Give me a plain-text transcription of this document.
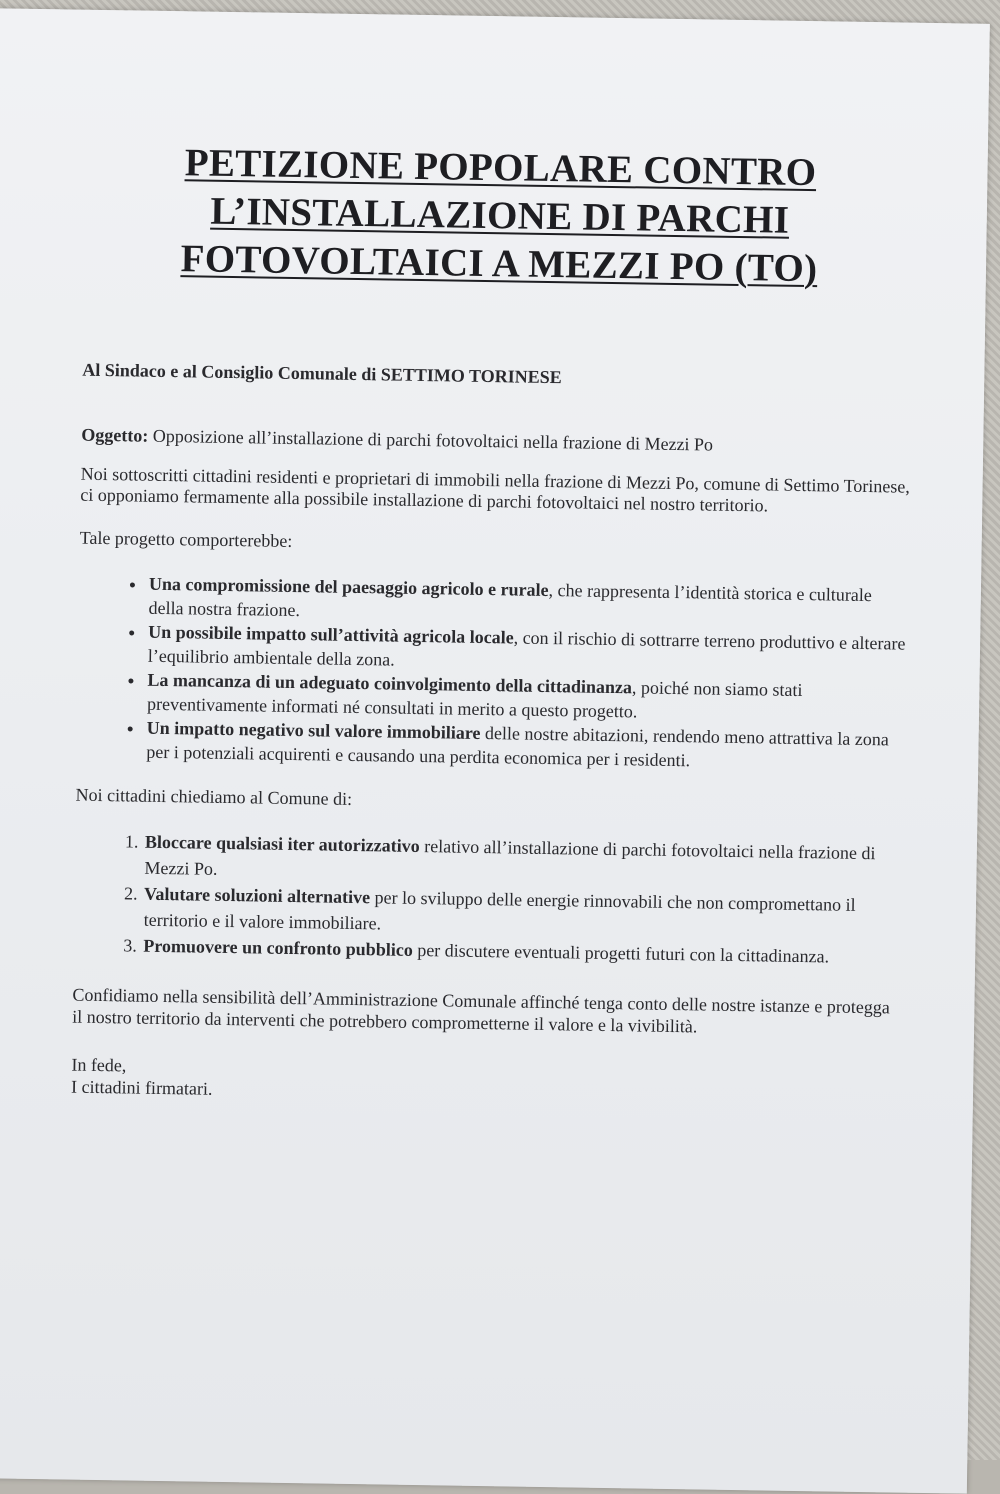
PETIZIONE POPOLARE CONTRO
L’INSTALLAZIONE DI PARCHI
FOTOVOLTAICI A MEZZI PO (TO)
Al Sindaco e al Consiglio Comunale di SETTIMO TORINESE
Oggetto: Opposizione all’installazione di parchi fotovoltaici nella frazione di Mezzi Po
Noi sottoscritti cittadini residenti e proprietari di immobili nella frazione di Mezzi Po, comune di Settimo Torinese, ci opponiamo fermamente alla possibile installazione di parchi fotovoltaici nel nostro territorio.
Tale progetto comporterebbe:
• Una compromissione del paesaggio agricolo e rurale, che rappresenta l’identità storica e culturale della nostra frazione.
• Un possibile impatto sull’attività agricola locale, con il rischio di sottrarre terreno produttivo e alterare l’equilibrio ambientale della zona.
• La mancanza di un adeguato coinvolgimento della cittadinanza, poiché non siamo stati preventivamente informati né consultati in merito a questo progetto.
• Un impatto negativo sul valore immobiliare delle nostre abitazioni, rendendo meno attrattiva la zona per i potenziali acquirenti e causando una perdita economica per i residenti.
Noi cittadini chiediamo al Comune di:
1. Bloccare qualsiasi iter autorizzativo relativo all’installazione di parchi fotovoltaici nella frazione di Mezzi Po.
2. Valutare soluzioni alternative per lo sviluppo delle energie rinnovabili che non compromettano il territorio e il valore immobiliare.
3. Promuovere un confronto pubblico per discutere eventuali progetti futuri con la cittadinanza.
Confidiamo nella sensibilità dell’Amministrazione Comunale affinché tenga conto delle nostre istanze e protegga il nostro territorio da interventi che potrebbero comprometterne il valore e la vivibilità.
In fede,
I cittadini firmatari.
